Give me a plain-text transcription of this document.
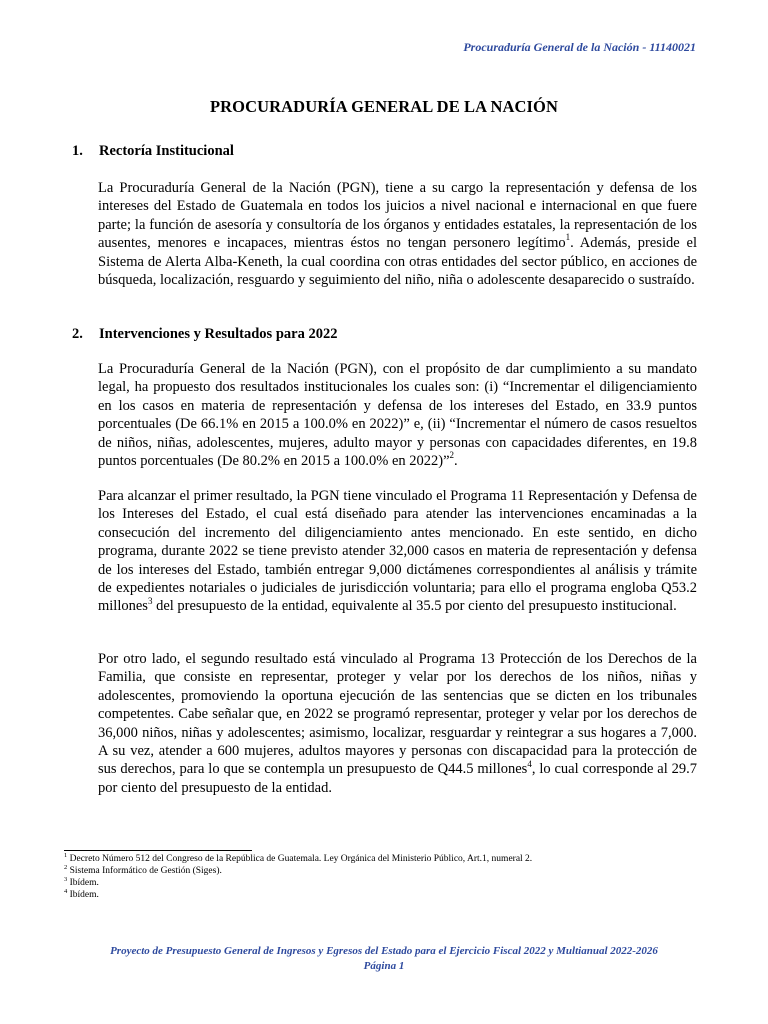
Procuraduría General de la Nación - 11140021
PROCURADURÍA GENERAL DE LA NACIÓN
1. Rectoría Institucional

La Procuraduría General de la Nación (PGN), tiene a su cargo la representación y defensa de los intereses del Estado de Guatemala en todos los juicios a nivel nacional e internacional en que fuere parte; la función de asesoría y consultoría de los órganos y entidades estatales, la representación de los ausentes, menores e incapaces, mientras éstos no tengan personero legítimo$^1$. Además, preside el Sistema de Alerta Alba-Keneth, la cual coordina con otras entidades del sector público, en acciones de búsqueda, localización, resguardo y seguimiento del niño, niña o adolescente desaparecido o sustraído.

2. Intervenciones y Resultados para 2022

La Procuraduría General de la Nación (PGN), con el propósito de dar cumplimiento a su mandato legal, ha propuesto dos resultados institucionales los cuales son: (i) “Incrementar el diligenciamiento en los casos en materia de representación y defensa de los intereses del Estado, en 33.9 puntos porcentuales (De 66.1% en 2015 a 100.0% en 2022)” e, (ii) “Incrementar el número de casos resueltos de niños, niñas, adolescentes, mujeres, adulto mayor y personas con capacidades diferentes, en 19.8 puntos porcentuales (De 80.2% en 2015 a 100.0% en 2022)”$^2$.

Para alcanzar el primer resultado, la PGN tiene vinculado el Programa 11 Representación y Defensa de los Intereses del Estado, el cual está diseñado para atender las intervenciones encaminadas a la consecución del incremento del diligenciamiento antes mencionado. En este sentido, en dicho programa, durante 2022 se tiene previsto atender 32,000 casos en materia de representación y defensa de los intereses del Estado, también entregar 9,000 dictámenes correspondientes al análisis y trámite de expedientes notariales o judiciales de jurisdicción voluntaria; para ello el programa engloba Q53.2 millones$^3$ del presupuesto de la entidad, equivalente al 35.5 por ciento del presupuesto institucional.

Por otro lado, el segundo resultado está vinculado al Programa 13 Protección de los Derechos de la Familia, que consiste en representar, proteger y velar por los derechos de los niños, niñas y adolescentes, promoviendo la oportuna ejecución de las sentencias que se dicten en los tribunales competentes. Cabe señalar que, en 2022 se programó representar, proteger y velar por los derechos de 36,000 niños, niñas y adolescentes; asimismo, localizar, resguardar y reintegrar a sus hogares a 7,000. A su vez, atender a 600 mujeres, adultos mayores y personas con discapacidad para la protección de sus derechos, para lo que se contempla un presupuesto de Q44.5 millones$^4$, lo cual corresponde al 29.7 por ciento del presupuesto de la entidad.

$^1$ Decreto Número 512 del Congreso de la República de Guatemala. Ley Orgánica del Ministerio Público, Art.1, numeral 2.
$^2$ Sistema Informático de Gestión (Siges).
$^3$ Ibídem.
$^4$ Ibídem.
Proyecto de Presupuesto General de Ingresos y Egresos del Estado para el Ejercicio Fiscal 2022 y Multianual 2022-2026
Página 1
